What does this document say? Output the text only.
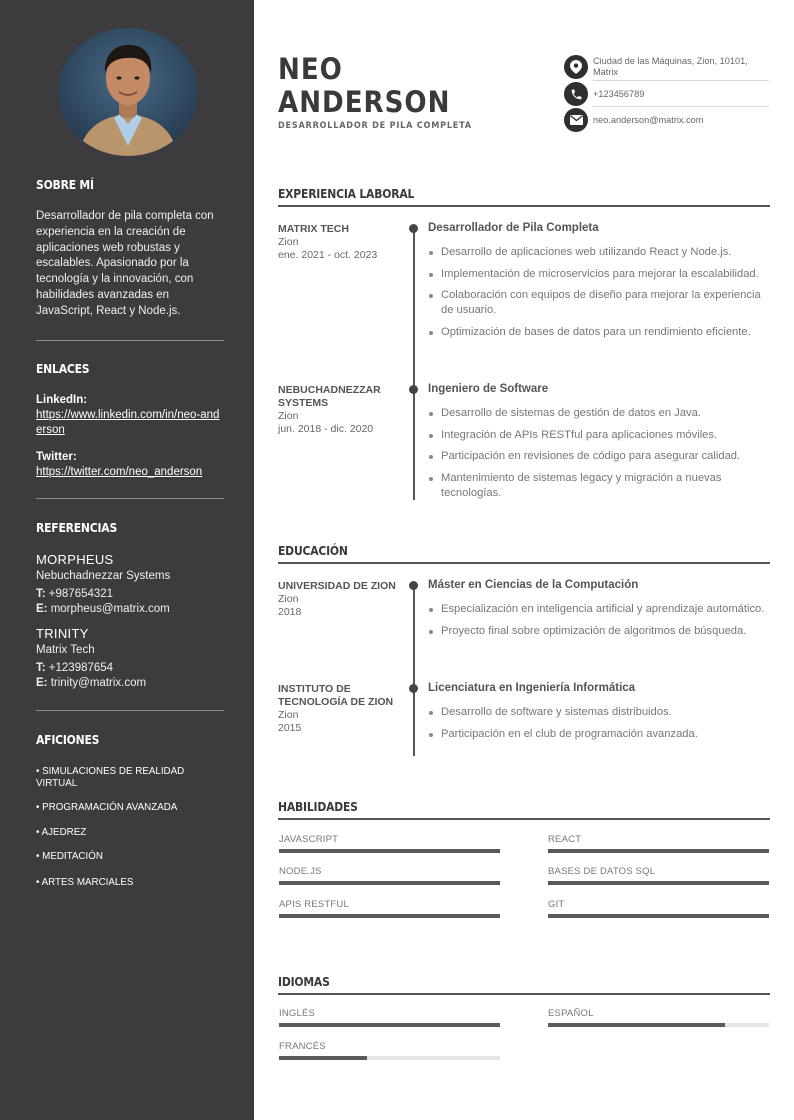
SOBRE MÍ

Desarrollador de pila completa con experiencia en la creación de aplicaciones web robustas y escalables. Apasionado por la tecnología y la innovación, con habilidades avanzadas en JavaScript, React y Node.js.

ENLACES
LinkedIn:
https://www.linkedin.com/in/neo-anderson
Twitter:
https://twitter.com/neo_anderson
REFERENCIAS
MORPHEUS
Nebuchadnezzar Systems
T: +987654321
E: morpheus@matrix.com
TRINITY
Matrix Tech
T: +123987654
E: trinity@matrix.com
AFICIONES
• SIMULACIONES DE REALIDAD VIRTUAL
• PROGRAMACIÓN AVANZADA
• AJEDREZ
• MEDITACIÓN
• ARTES MARCIALES
NEO
ANDERSON
DESARROLLADOR DE PILA COMPLETA
Ciudad de las Máquinas, Zion, 10101, Matrix
+123456789
neo.anderson@matrix.com
EXPERIENCIA LABORAL
MATRIX TECH
Zion
ene. 2021 - oct. 2023
Desarrollador de Pila Completa
Desarrollo de aplicaciones web utilizando React y Node.js.
Implementación de microservicios para mejorar la escalabilidad.
Colaboración con equipos de diseño para mejorar la experiencia de usuario.
Optimización de bases de datos para un rendimiento eficiente.
NEBUCHADNEZZAR SYSTEMS
Zion
jun. 2018 - dic. 2020
Ingeniero de Software
Desarrollo de sistemas de gestión de datos en Java.
Integración de APIs RESTful para aplicaciones móviles.
Participación en revisiones de código para asegurar calidad.
Mantenimiento de sistemas legacy y migración a nuevas tecnologías.
EDUCACIÓN
UNIVERSIDAD DE ZION
Zion
2018
Máster en Ciencias de la Computación
Especialización en inteligencia artificial y aprendizaje automático.
Proyecto final sobre optimización de algoritmos de búsqueda.
INSTITUTO DE TECNOLOGÍA DE ZION
Zion
2015
Licenciatura en Ingeniería Informática
Desarrollo de software y sistemas distribuidos.
Participación en el club de programación avanzada.
HABILIDADES
JAVASCRIPT	REACT
NODE.JS	BASES DE DATOS SQL
APIS RESTFUL	GIT
IDIOMAS
INGLÉS	ESPAÑOL
FRANCÉS
